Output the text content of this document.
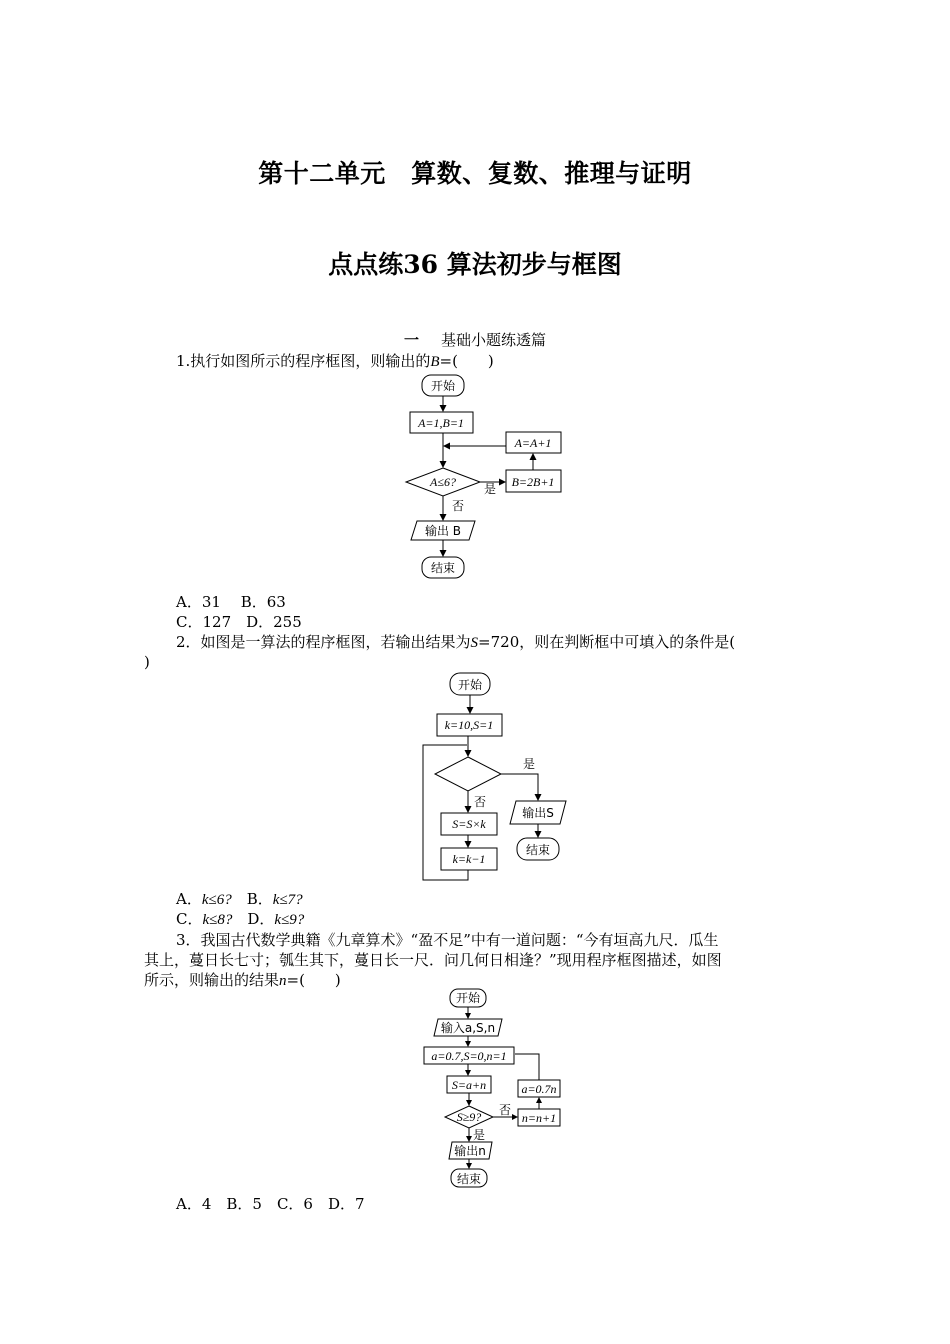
第十二单元　算数、复数、推理与证明
点点练36 算法初步与框图
一 基础小题练透篇
1.执行如图所示的程序框图，则输出的B=(　　)
开始
A=1,B=1
A≤6? 是
否
B=2B+1
A=A+1
输出 B
结束
A．31　 B．63
C．127　D．255
2．如图是一算法的程序框图，若输出结果为S=720，则在判断框中可填入的条件是(
)
开始
k=10,S=1
是
否
S=S×k
k=k−1
输出S
结束
A．k≤6?　 B．k≤7?
C．k≤8?　 D．k≤9?
3．我国古代数学典籍《九章算术》“盈不足”中有一道问题：“今有垣高九尺．瓜生
其上，蔓日长七寸；瓠生其下，蔓日长一尺．问几何日相逢？”现用程序框图描述，如图
所示，则输出的结果n=(　　)
开始
输入a,S,n
a=0.7,S=0,n=1
S=a+n
S≥9? 否
是
a=0.7n
n=n+1
输出n
结束
A．4　B．5　C．6　D．7
